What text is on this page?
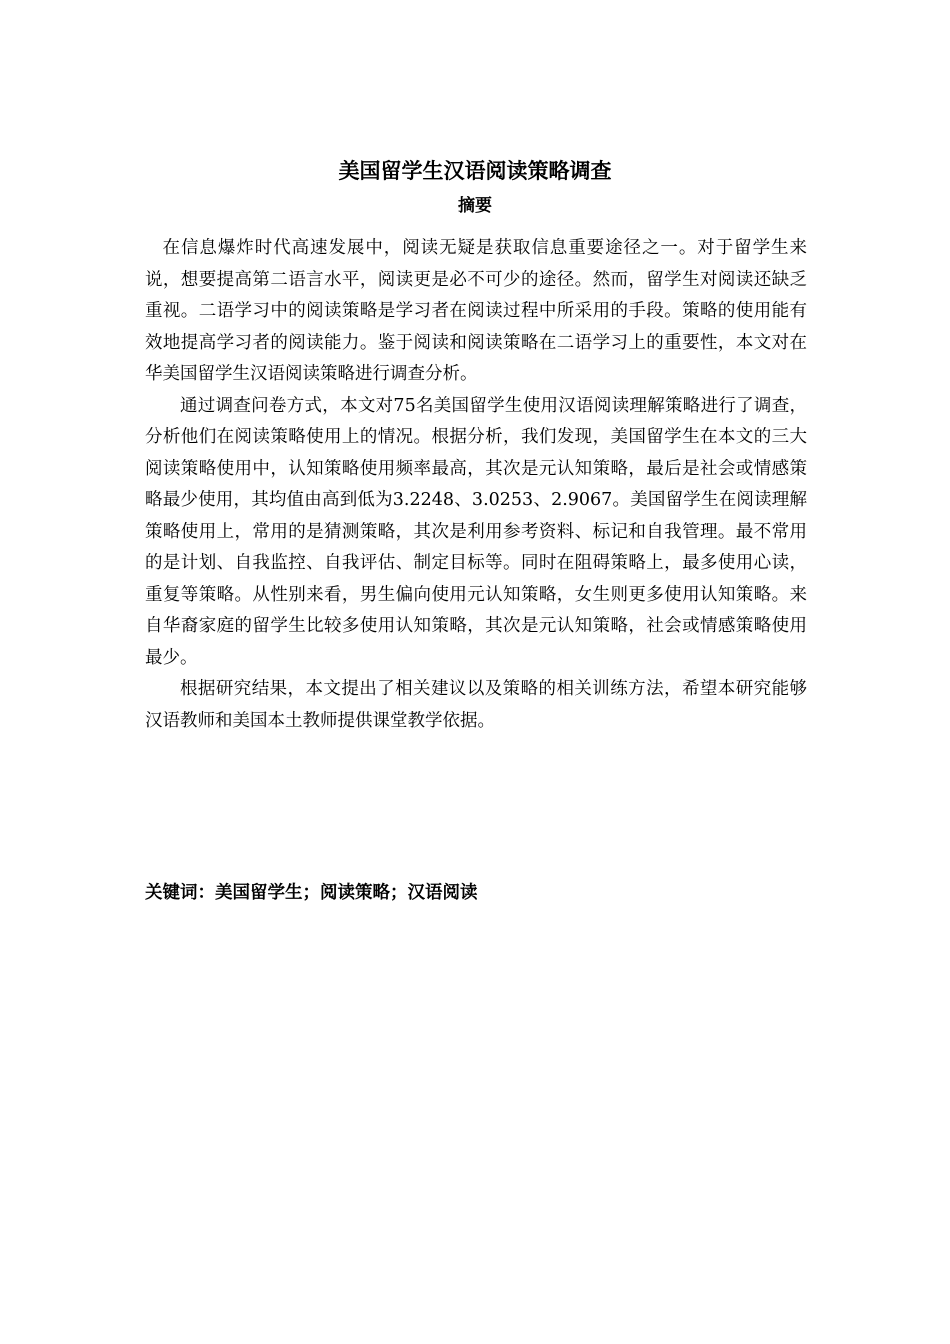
美国留学生汉语阅读策略调查
摘要

在信息爆炸时代高速发展中，阅读无疑是获取信息重要途径之一。对于留学生来说，想要提高第二语言水平，阅读更是必不可少的途径。然而，留学生对阅读还缺乏重视。二语学习中的阅读策略是学习者在阅读过程中所采用的手段。策略的使用能有效地提高学习者的阅读能力。鉴于阅读和阅读策略在二语学习上的重要性，本文对在华美国留学生汉语阅读策略进行调查分析。

通过调查问卷方式，本文对75名美国留学生使用汉语阅读理解策略进行了调查，分析他们在阅读策略使用上的情况。根据分析，我们发现，美国留学生在本文的三大阅读策略使用中，认知策略使用频率最高，其次是元认知策略，最后是社会或情感策略最少使用，其均值由高到低为3.2248、3.0253、2.9067。美国留学生在阅读理解策略使用上，常用的是猜测策略，其次是利用参考资料、标记和自我管理。最不常用的是计划、自我监控、自我评估、制定目标等。同时在阻碍策略上，最多使用心读，重复等策略。从性别来看，男生偏向使用元认知策略，女生则更多使用认知策略。来自华裔家庭的留学生比较多使用认知策略，其次是元认知策略，社会或情感策略使用最少。

根据研究结果，本文提出了相关建议以及策略的相关训练方法，希望本研究能够汉语教师和美国本土教师提供课堂教学依据。

关键词：美国留学生；阅读策略；汉语阅读
